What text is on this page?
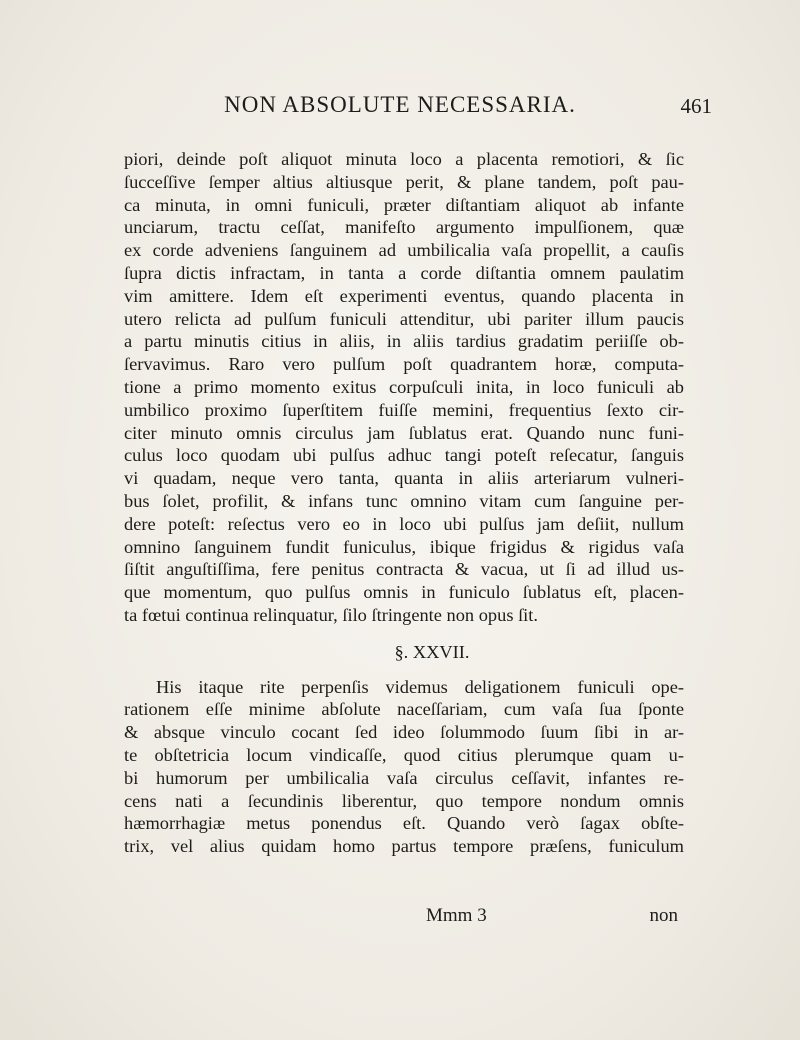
NON ABSOLUTE NECESSARIA.	461
piori, deinde poſt aliquot minuta loco a placenta remotiori, & ſic
ſucceſſive ſemper altius altiusque perit, & plane tandem, poſt pau-
ca minuta, in omni funiculi, præter diſtantiam aliquot ab infante
unciarum, tractu ceſſat, manifeſto argumento impulſionem, quæ
ex corde adveniens ſanguinem ad umbilicalia vaſa propellit, a cauſis
ſupra dictis infractam, in tanta a corde diſtantia omnem paulatim
vim amittere. Idem eſt experimenti eventus, quando placenta in
utero relicta ad pulſum funiculi attenditur, ubi pariter illum paucis
a partu minutis citius in aliis, in aliis tardius gradatim periiſſe ob-
ſervavimus. Raro vero pulſum poſt quadrantem horæ, computa-
tione a primo momento exitus corpuſculi inita, in loco funiculi ab
umbilico proximo ſuperſtitem fuiſſe memini, frequentius ſexto cir-
citer minuto omnis circulus jam ſublatus erat. Quando nunc funi-
culus loco quodam ubi pulſus adhuc tangi poteſt reſecatur, ſanguis
vi quadam, neque vero tanta, quanta in aliis arteriarum vulneri-
bus ſolet, profilit, & infans tunc omnino vitam cum ſanguine per-
dere poteſt: reſectus vero eo in loco ubi pulſus jam deſiit, nullum
omnino ſanguinem fundit funiculus, ibique frigidus & rigidus vaſa
ſiſtit anguſtiſſima, fere penitus contracta & vacua, ut ſi ad illud us-
que momentum, quo pulſus omnis in funiculo ſublatus eſt, placen-
ta fœtui continua relinquatur, ſilo ſtringente non opus ſit.
§. XXVII.
His itaque rite perpenſis videmus deligationem funiculi ope-
rationem eſſe minime abſolute naceſſariam, cum vaſa ſua ſponte
& absque vinculo cocant ſed ideo ſolummodo ſuum ſibi in ar-
te obſtetricia locum vindicaſſe, quod citius plerumque quam u-
bi humorum per umbilicalia vaſa circulus ceſſavit, infantes re-
cens nati a ſecundinis liberentur, quo tempore nondum omnis
hæmorrhagiæ metus ponendus eſt. Quando verò ſagax obſte-
trix, vel alius quidam homo partus tempore præſens, funiculum
Mmm 3	non
